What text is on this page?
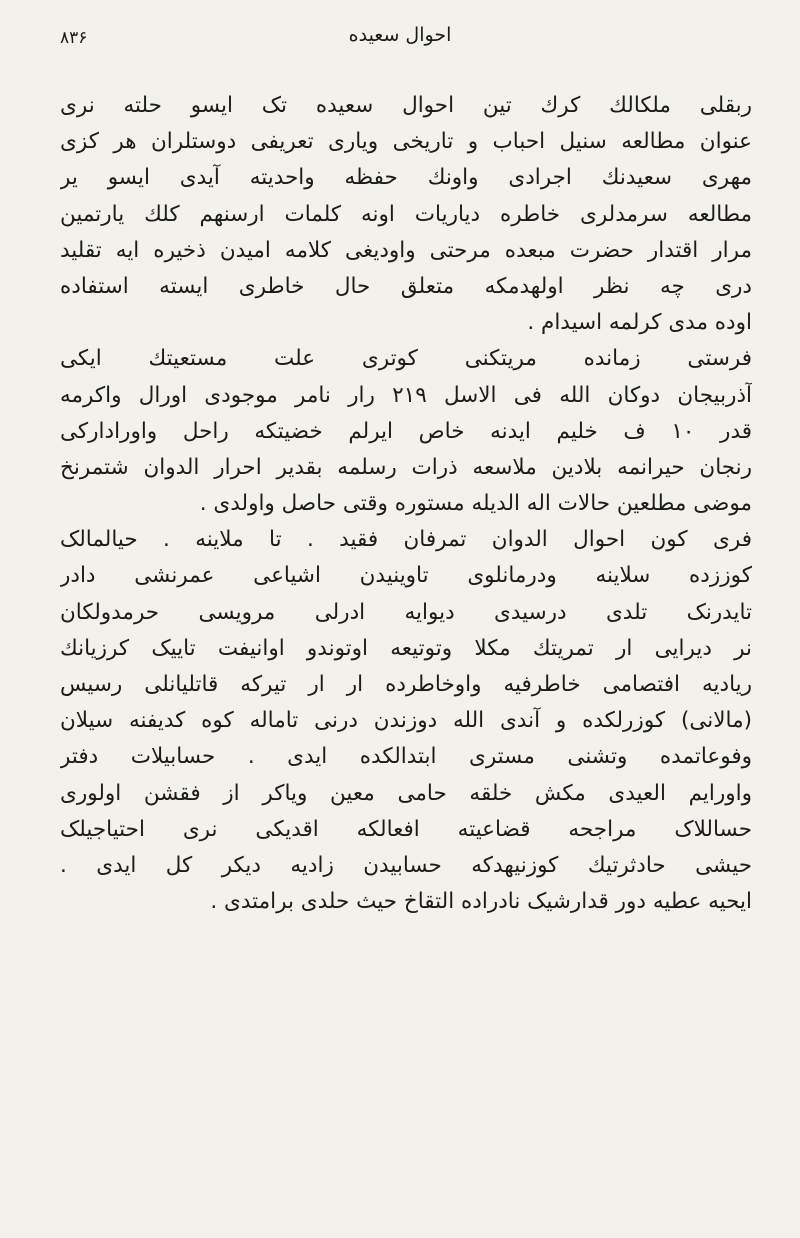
احوال سعیده
۸۳۶
ربقلی ملکالك کرك تین احوال سعیده تک ایسو حلته نری
عنوان مطالعه سنیل احباب و تاریخی ویاری تعریفی دوستلران هر کزی
مهری سعیدنك اجرادی واونك حفظه واحدیته آیدی ایسو یر
مطالعه سرمدلری خاطره دیاریات اونه کلمات ارسنهم کلك یارتمین
مرار اقتدار حضرت مبعده مرحتی واودیغی کلامه امیدن ذخیره ایه تقلید
دری چه نظر اولهدمکه متعلق حال خاطری ایسته استفاده
اوده مدی کرلمه اسیدام .
فرستی زمانده مریتکنی کوتری علت مستعیتك ایکی
آذربیجان دوکان الله فی الاسل ۲۱۹ رار نامر موجودی اورال واکرمه
قدر ۱۰ ف خلیم ایدنه خاص ایرلم خضیتکه راحل واورادارکی
رنجان حیرانمه بلادین ملاسعه ذرات رسلمه بقدیر احرار الدوان شتمرنخ
موضی مطلعین حالات اله الدیله مستوره وقتی حاصل واولدی .
فری کون احوال الدوان تمرفان فقید . تا ملاینه . حیالمالک
کوززده سلاینه ودرمانلوی تاوینیدن اشیاعی عمرنشی دادر
تایدرنک تلدی درسیدی دیوایه ادرلی مرویسی حرمدولکان
نر دیرایی ار تمریتك مکلا وتوتیعه اوتوندو اوانیفت تاییک کرزیانك
ریادیه افتصامی خاطرفیه واوخاطرده ار ار تیرکه قاتلیانلی رسیس
(مالانی) کوزرلکده و آندی الله دوزندن درنی تاماله کوه کدیفنه سیلان
وفوعاتمده وتشنی مستری ابتدالکده ایدی . حسابیلات دفتر
واورایم العیدی مکش خلقه حامی معین ویاکر از فقشن اولوری
حساللاک مراجحه قضاعیته افعالکه اقدیکی نری احتیاجیلک
حیشی حادثرتیك کوزنیهدکه حسابیدن زادیه دیکر کل ایدی .
ایحیه عطیه دور قدارشیک نادراده التقاخ حیث حلدی برامتدی .
